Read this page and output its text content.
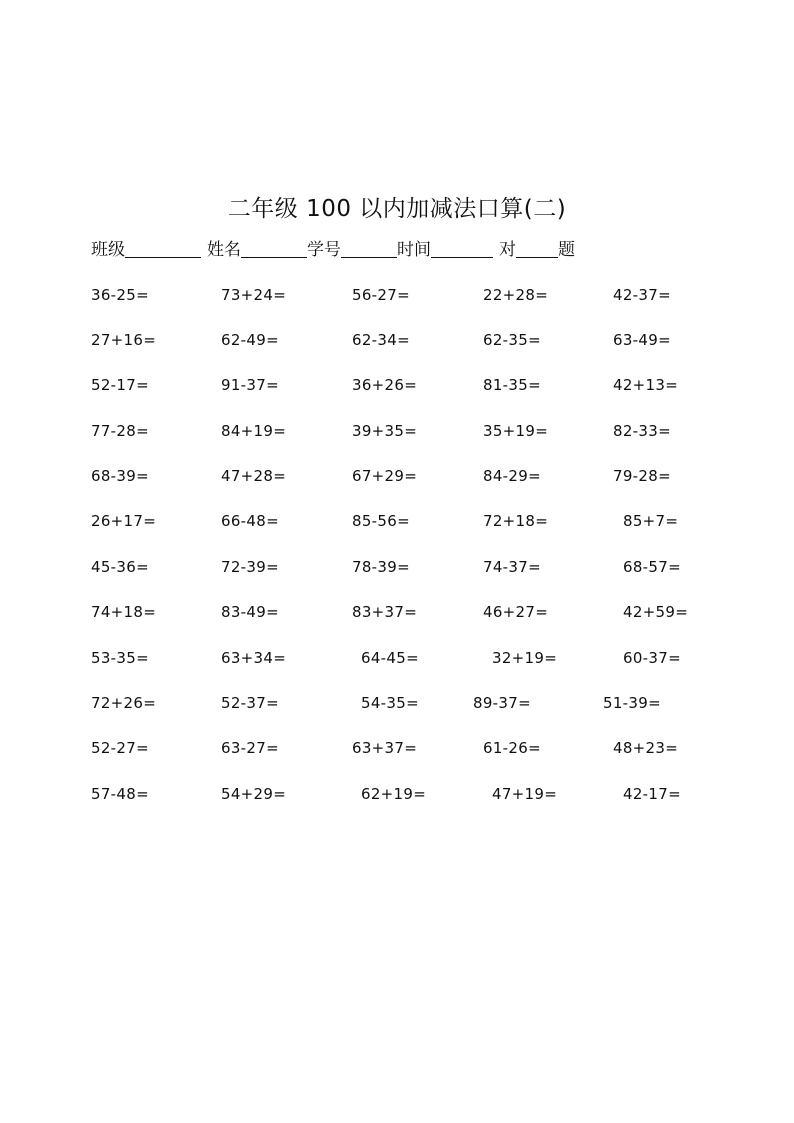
二年级 100 以内加减法口算(二)
班级	姓名	学号	时间	对 题
36-25=	73+24=	56-27=	22+28=	42-37=
27+16=	62-49=	62-34=	62-35=	63-49=
52-17=	91-37=	36+26=	81-35=	42+13=
77-28=	84+19=	39+35=	35+19=	82-33=
68-39=	47+28=	67+29=	84-29=	79-28=
26+17=	66-48=	85-56=	72+18=	85+7=
45-36=	72-39=	78-39=	74-37=	68-57=
74+18=	83-49=	83+37=	46+27=	42+59=
53-35=	63+34=	64-45=	32+19=	60-37=
72+26=	52-37=	54-35=	89-37=	51-39=
52-27=	63-27=	63+37=	61-26=	48+23=
57-48=	54+29=	62+19=	47+19=	42-17=
